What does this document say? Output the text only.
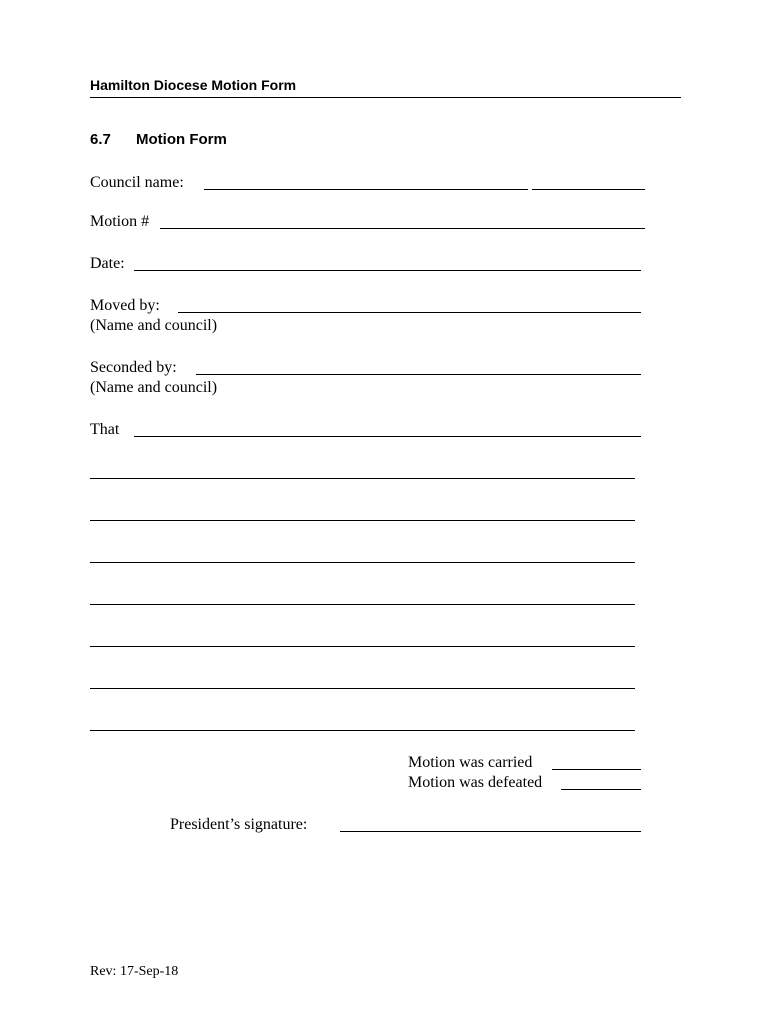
Hamilton Diocese Motion Form
6.7 Motion Form
Council name:
Motion #
Date:
Moved by:
(Name and council)
Seconded by:
(Name and council)
That
Motion was carried
Motion was defeated
President’s signature:
Rev: 17-Sep-18
